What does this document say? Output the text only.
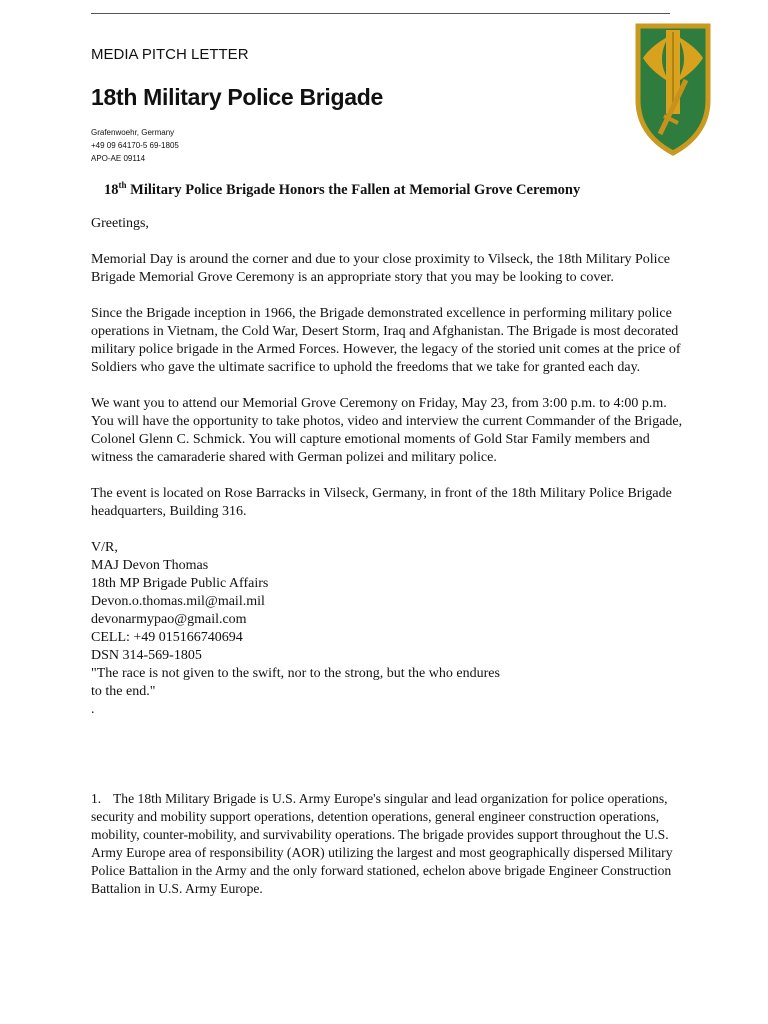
MEDIA PITCH LETTER
18th Military Police Brigade
Grafenwoehr, Germany
+49 09 64170-5 69-1805
APO-AE 09114
18th Military Police Brigade Honors the Fallen at Memorial Grove Ceremony

Greetings,

Memorial Day is around the corner and due to your close proximity to Vilseck, the 18th Military Police Brigade Memorial Grove Ceremony is an appropriate story that you may be looking to cover.

Since the Brigade inception in 1966, the Brigade demonstrated excellence in performing military police operations in Vietnam, the Cold War, Desert Storm, Iraq and Afghanistan. The Brigade is most decorated military police brigade in the Armed Forces. However, the legacy of the storied unit comes at the price of Soldiers who gave the ultimate sacrifice to uphold the freedoms that we take for granted each day.

We want you to attend our Memorial Grove Ceremony on Friday, May 23, from 3:00 p.m. to 4:00 p.m. You will have the opportunity to take photos, video and interview the current Commander of the Brigade, Colonel Glenn C. Schmick. You will capture emotional moments of Gold Star Family members and witness the camaraderie shared with German polizei and military police.

The event is located on Rose Barracks in Vilseck, Germany, in front of the 18th Military Police Brigade headquarters, Building 316.

V/R,
MAJ Devon Thomas
18th MP Brigade Public Affairs
Devon.o.thomas.mil@mail.mil
devonarmypao@gmail.com
CELL: +49 015166740694
DSN 314-569-1805
"The race is not given to the swift, nor to the strong, but the who endures
to the end."
.
1. The 18th Military Brigade is U.S. Army Europe's singular and lead organization for police operations, security and mobility support operations, detention operations, general engineer construction operations, mobility, counter-mobility, and survivability operations. The brigade provides support throughout the U.S. Army Europe area of responsibility (AOR) utilizing the largest and most geographically dispersed Military Police Battalion in the Army and the only forward stationed, echelon above brigade Engineer Construction Battalion in U.S. Army Europe.
